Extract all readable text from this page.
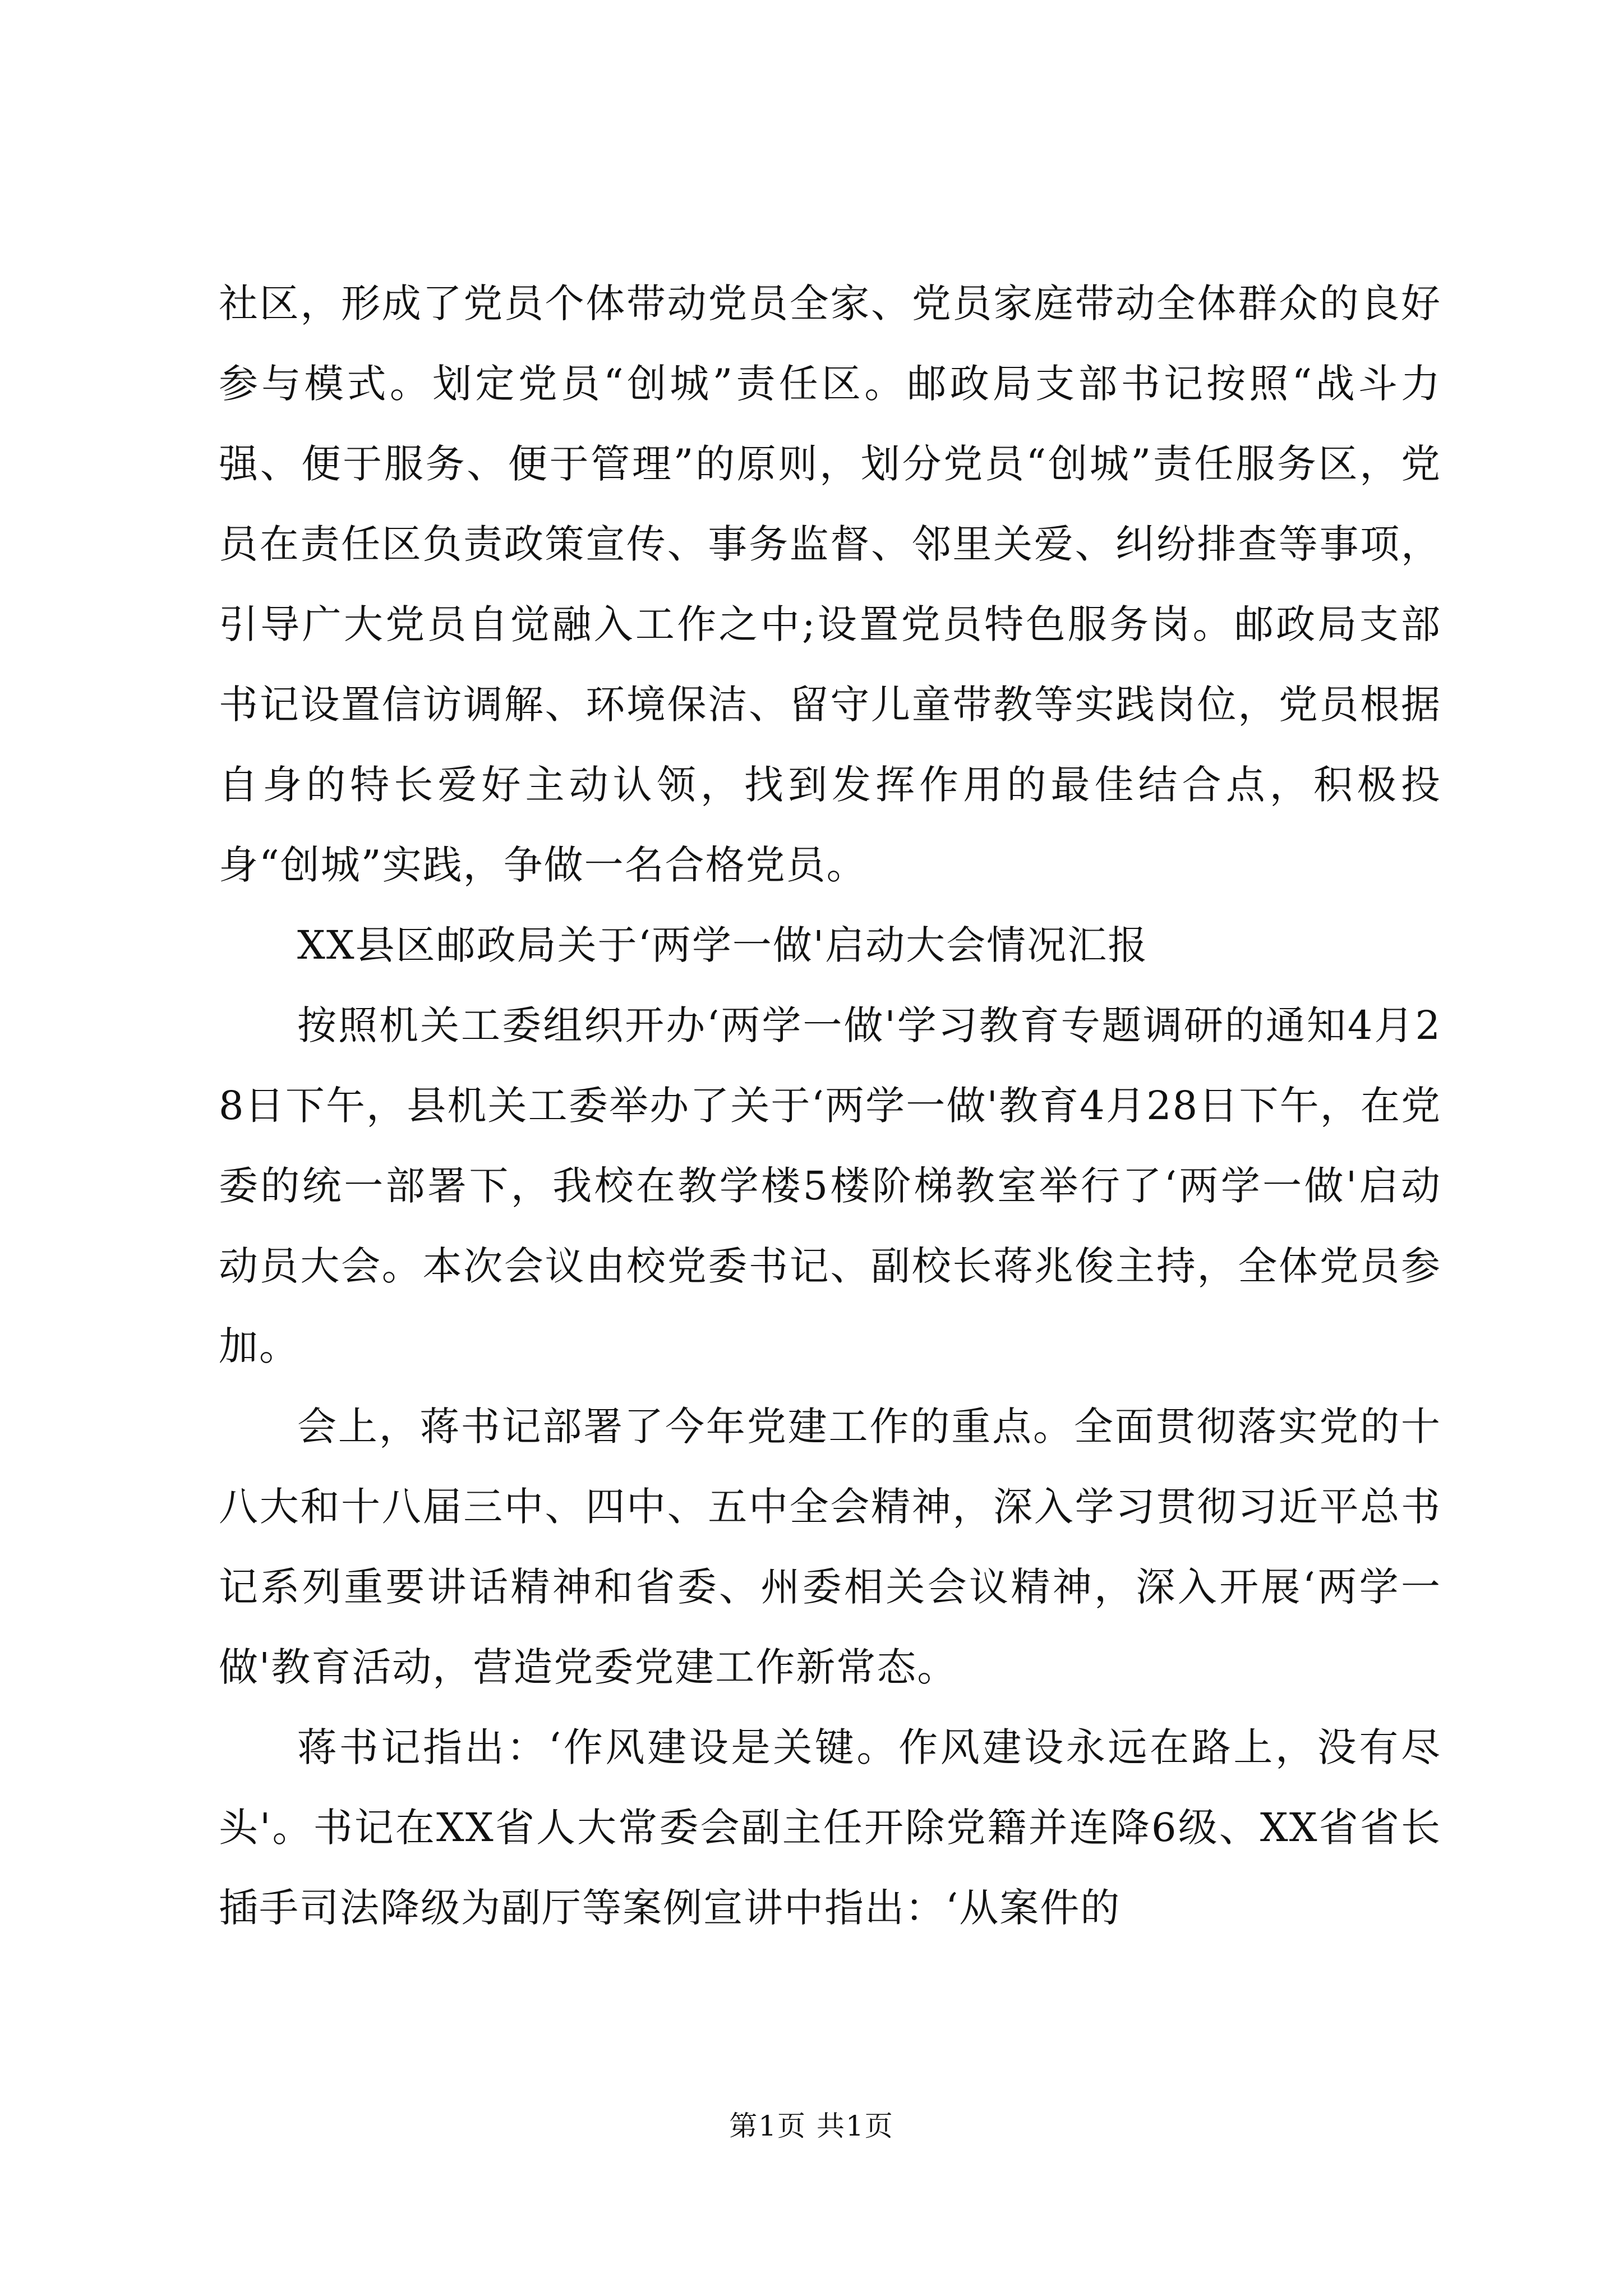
社区，形成了党员个体带动党员全家、党员家庭带动全体群众的良好参与模式。划定党员“创城”责任区。邮政局支部书记按照“战斗力强、便于服务、便于管理”的原则，划分党员“创城”责任服务区，党员在责任区负责政策宣传、事务监督、邻里关爱、纠纷排查等事项，引导广大党员自觉融入工作之中;设置党员特色服务岗。邮政局支部书记设置信访调解、环境保洁、留守儿童带教等实践岗位，党员根据自身的特长爱好主动认领，找到发挥作用的最佳结合点，积极投身“创城”实践，争做一名合格党员。

XX县区邮政局关于‘两学一做'启动大会情况汇报

按照机关工委组织开办‘两学一做'学习教育专题调研的通知4月28日下午，县机关工委举办了关于‘两学一做'教育4月28日下午，在党委的统一部署下，我校在教学楼5楼阶梯教室举行了‘两学一做'启动动员大会。本次会议由校党委书记、副校长蒋兆俊主持，全体党员参加。

会上，蒋书记部署了今年党建工作的重点。全面贯彻落实党的十八大和十八届三中、四中、五中全会精神，深入学习贯彻习近平总书记系列重要讲话精神和省委、州委相关会议精神，深入开展‘两学一做'教育活动，营造党委党建工作新常态。

蒋书记指出：‘作风建设是关键。作风建设永远在路上，没有尽头'。书记在XX省人大常委会副主任开除党籍并连降6级、XX省省长插手司法降级为副厅等案例宣讲中指出：‘从案件的

第1页 共1页
